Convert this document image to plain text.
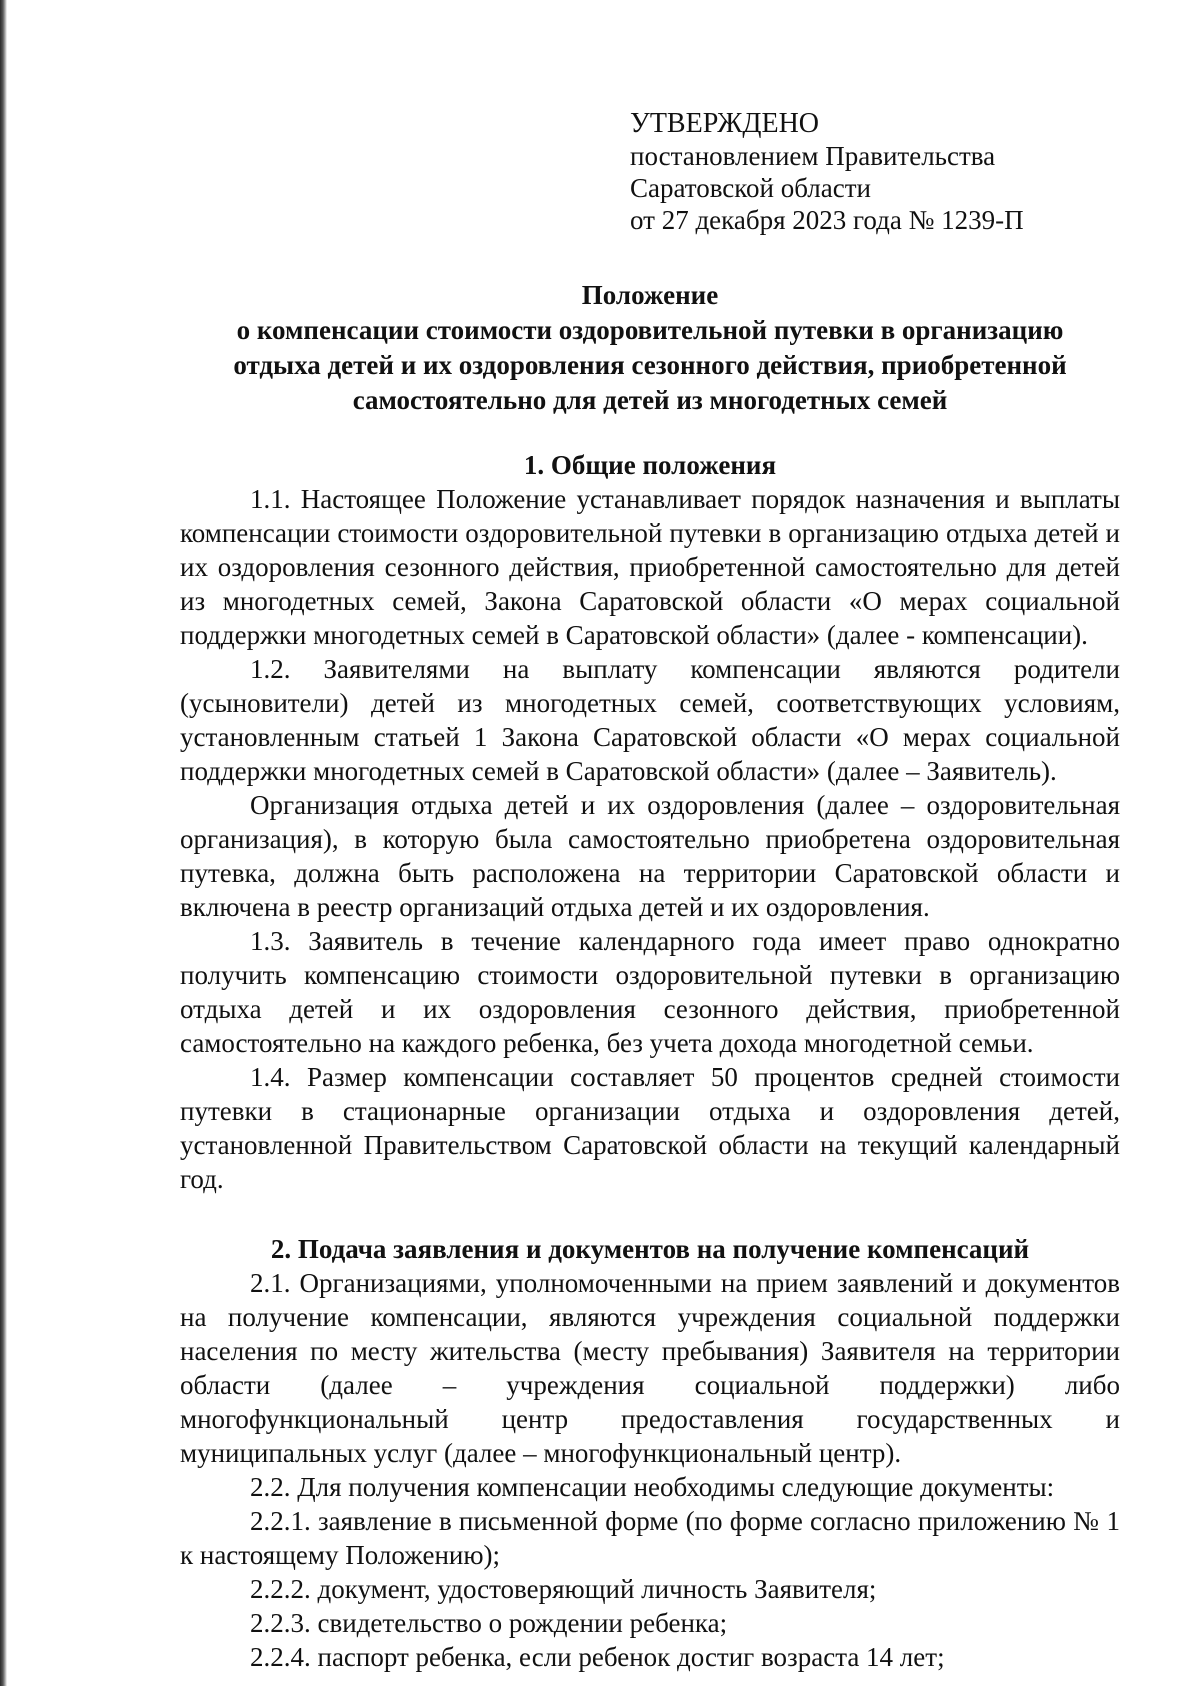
УТВЕРЖДЕНО
постановлением Правительства
Саратовской области
от 27 декабря 2023 года № 1239-П
Положение
о компенсации стоимости оздоровительной путевки в организацию
отдыха детей и их оздоровления сезонного действия, приобретенной
самостоятельно для детей из многодетных семей
1. Общие положения

1.1. Настоящее Положение устанавливает порядок назначения и выплаты компенсации стоимости оздоровительной путевки в организацию отдыха детей и их оздоровления сезонного действия, приобретенной самостоятельно для детей из многодетных семей, Закона Саратовской области «О мерах социальной поддержки многодетных семей в Саратовской области» (далее - компенсации).

1.2. Заявителями на выплату компенсации являются родители (усыновители) детей из многодетных семей, соответствующих условиям, установленным статьей 1 Закона Саратовской области «О мерах социальной поддержки многодетных семей в Саратовской области» (далее – Заявитель).

Организация отдыха детей и их оздоровления (далее – оздоровительная организация), в которую была самостоятельно приобретена оздоровительная путевка, должна быть расположена на территории Саратовской области и включена в реестр организаций отдыха детей и их оздоровления.

1.3. Заявитель в течение календарного года имеет право однократно получить компенсацию стоимости оздоровительной путевки в организацию отдыха детей и их оздоровления сезонного действия, приобретенной самостоятельно на каждого ребенка, без учета дохода многодетной семьи.

1.4. Размер компенсации составляет 50 процентов средней стоимости путевки в стационарные организации отдыха и оздоровления детей, установленной Правительством Саратовской области на текущий календарный год.

2. Подача заявления и документов на получение компенсаций

2.1. Организациями, уполномоченными на прием заявлений и документов на получение компенсации, являются учреждения социальной поддержки населения по месту жительства (месту пребывания) Заявителя на территории области (далее – учреждения социальной поддержки) либо многофункциональный центр предоставления государственных и муниципальных услуг (далее – многофункциональный центр).

2.2. Для получения компенсации необходимы следующие документы:

2.2.1. заявление в письменной форме (по форме согласно приложению № 1 к настоящему Положению);

2.2.2. документ, удостоверяющий личность Заявителя;

2.2.3. свидетельство о рождении ребенка;

2.2.4. паспорт ребенка, если ребенок достиг возраста 14 лет;
